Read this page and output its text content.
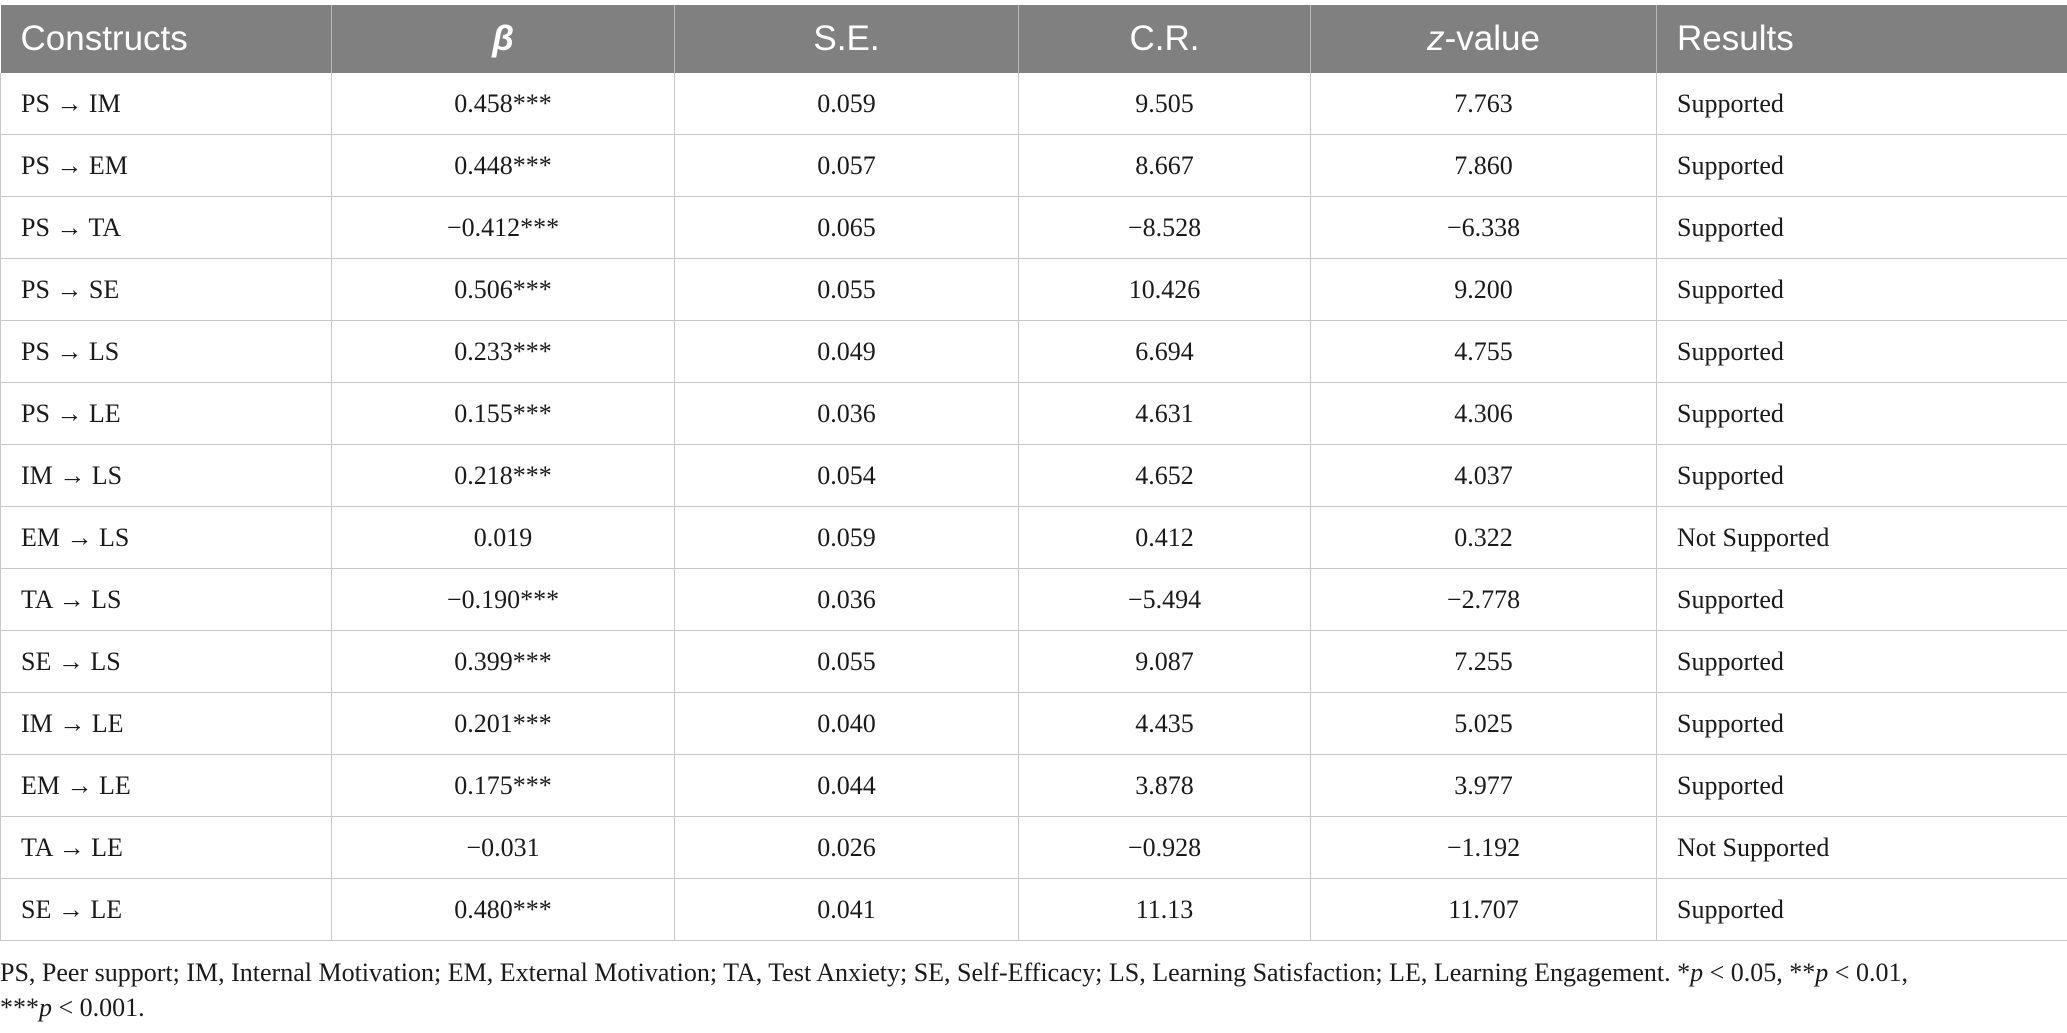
Constructs	β	S.E.	C.R.	z-value	Results
PS → IM	0.458***	0.059	9.505	7.763	Supported
PS → EM	0.448***	0.057	8.667	7.860	Supported
PS → TA	−0.412***	0.065	−8.528	−6.338	Supported
PS → SE	0.506***	0.055	10.426	9.200	Supported
PS → LS	0.233***	0.049	6.694	4.755	Supported
PS → LE	0.155***	0.036	4.631	4.306	Supported
IM → LS	0.218***	0.054	4.652	4.037	Supported
EM → LS	0.019	0.059	0.412	0.322	Not Supported
TA → LS	−0.190***	0.036	−5.494	−2.778	Supported
SE → LS	0.399***	0.055	9.087	7.255	Supported
IM → LE	0.201***	0.040	4.435	5.025	Supported
EM → LE	0.175***	0.044	3.878	3.977	Supported
TA → LE	−0.031	0.026	−0.928	−1.192	Not Supported
SE → LE	0.480***	0.041	11.13	11.707	Supported
PS, Peer support; IM, Internal Motivation; EM, External Motivation; TA, Test Anxiety; SE, Self-Efficacy; LS, Learning Satisfaction; LE, Learning Engagement. *p < 0.05, **p < 0.01,
***p < 0.001.
